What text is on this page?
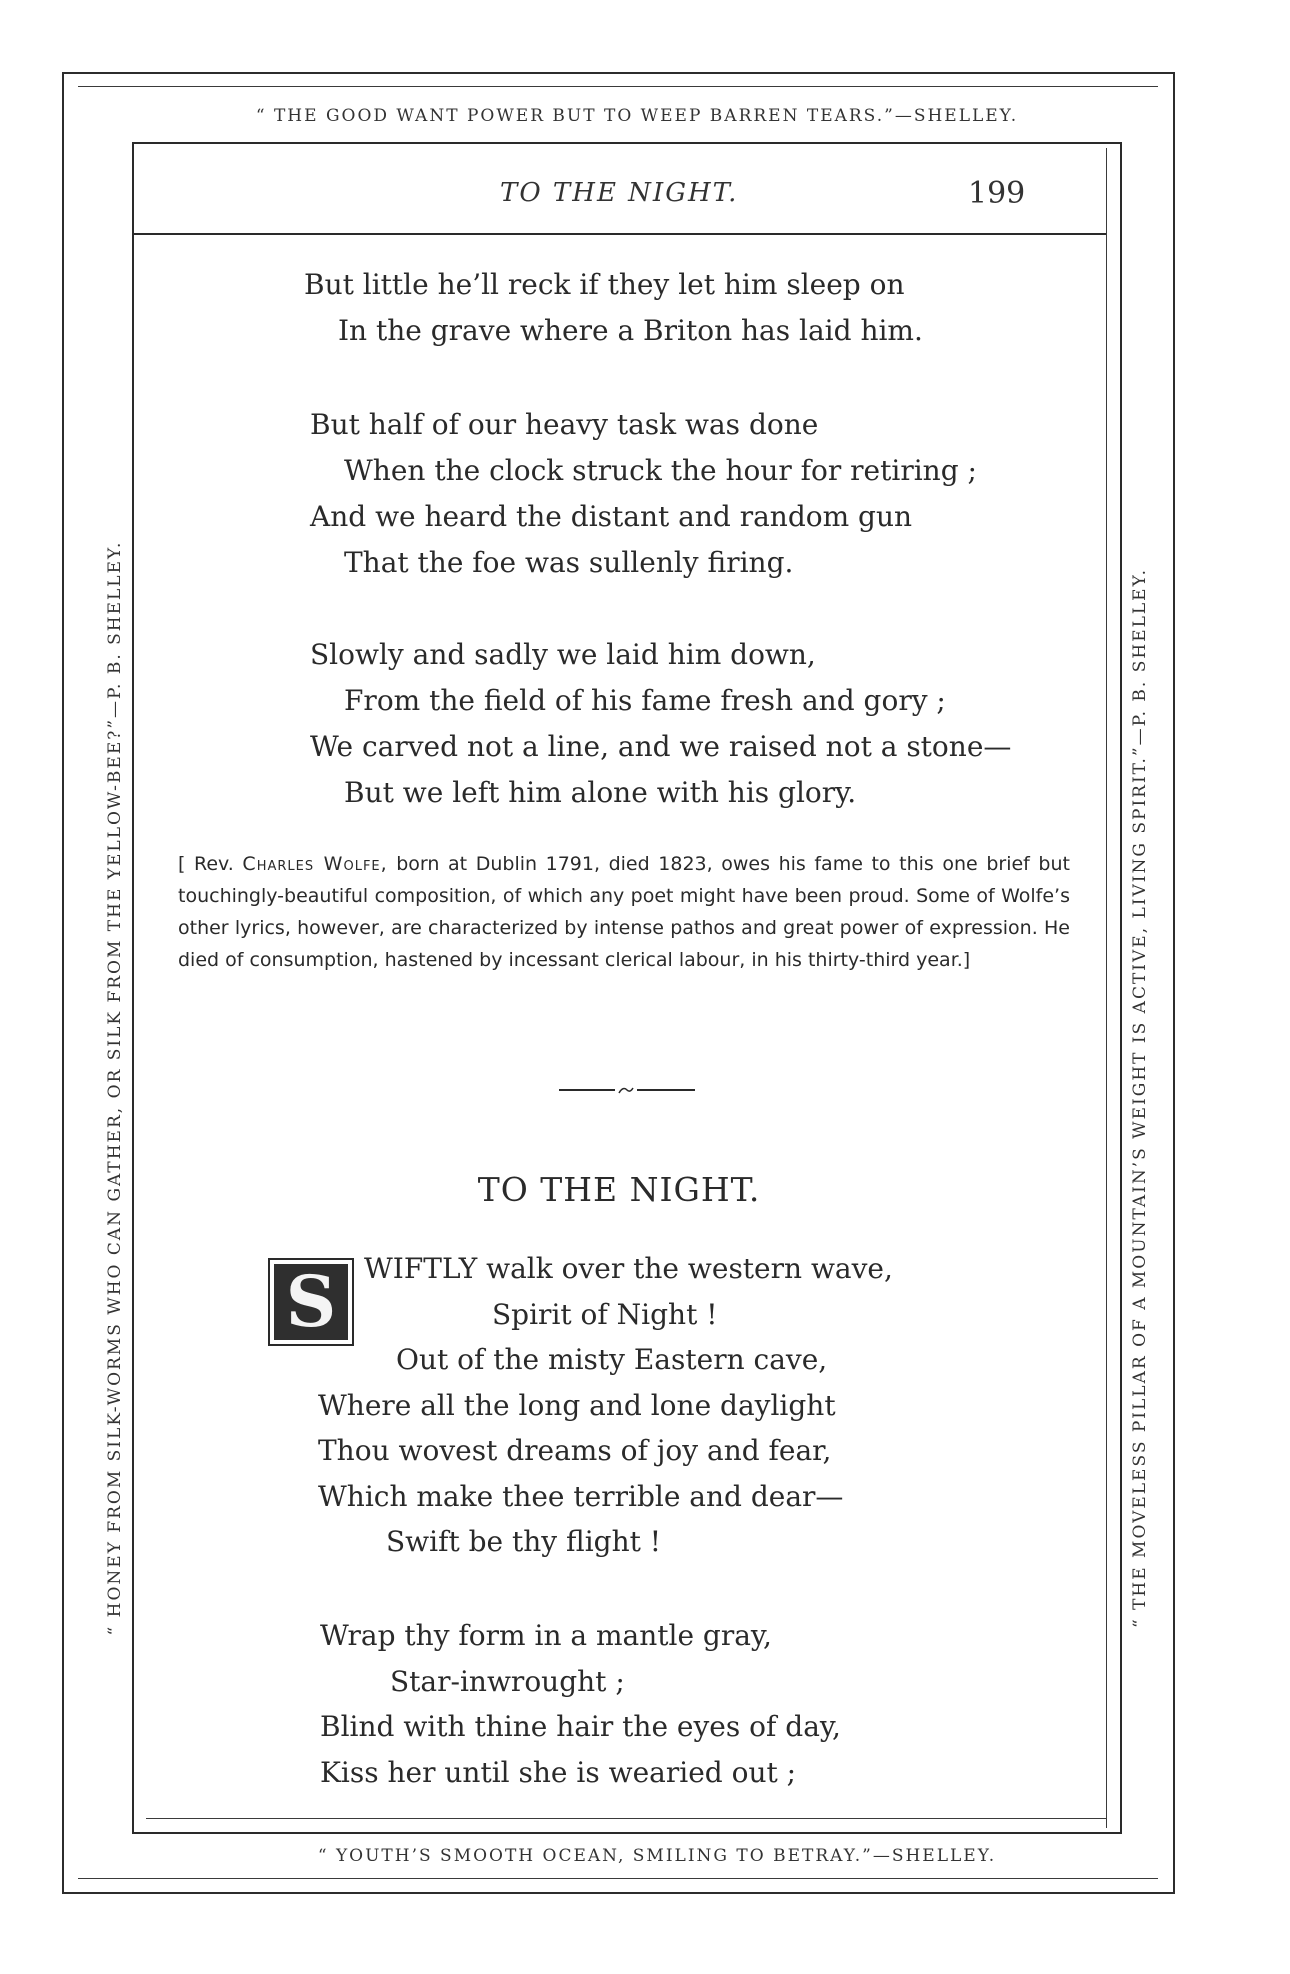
“ THE GOOD WANT POWER BUT TO WEEP BARREN TEARS.”—SHELLEY.
“ YOUTH’S SMOOTH OCEAN, SMILING TO BETRAY.”—SHELLEY.
“ HONEY FROM SILK-WORMS WHO CAN GATHER, OR SILK FROM THE YELLOW-BEE?”—P. B. SHELLEY.	“ THE MOVELESS PILLAR OF A MOUNTAIN’S WEIGHT IS ACTIVE, LIVING SPIRIT.”—P. B. SHELLEY.
TO THE NIGHT.	199
But little he’ll reck if they let him sleep on
In the grave where a Briton has laid him.
But half of our heavy task was done
When the clock struck the hour for retiring ;
And we heard the distant and random gun
That the foe was sullenly firing.
Slowly and sadly we laid him down,
From the field of his fame fresh and gory ;
We carved not a line, and we raised not a stone—
But we left him alone with his glory.
[ Rev. Charles Wolfe, born at Dublin 1791, died 1823, owes his fame to this one brief but touchingly-beautiful composition, of which any poet might have been proud. Some of Wolfe’s other lyrics, however, are characterized by intense pathos and great power of expression. He died of consumption, hastened by incessant clerical labour, in his thirty-third year.]
TO THE NIGHT.
S WIFTLY walk over the western wave,
Spirit of Night !
Out of the misty Eastern cave,
Where all the long and lone daylight
Thou wovest dreams of joy and fear,
Which make thee terrible and dear—
Swift be thy flight !
Wrap thy form in a mantle gray,
Star-inwrought ;
Blind with thine hair the eyes of day,
Kiss her until she is wearied out ;
